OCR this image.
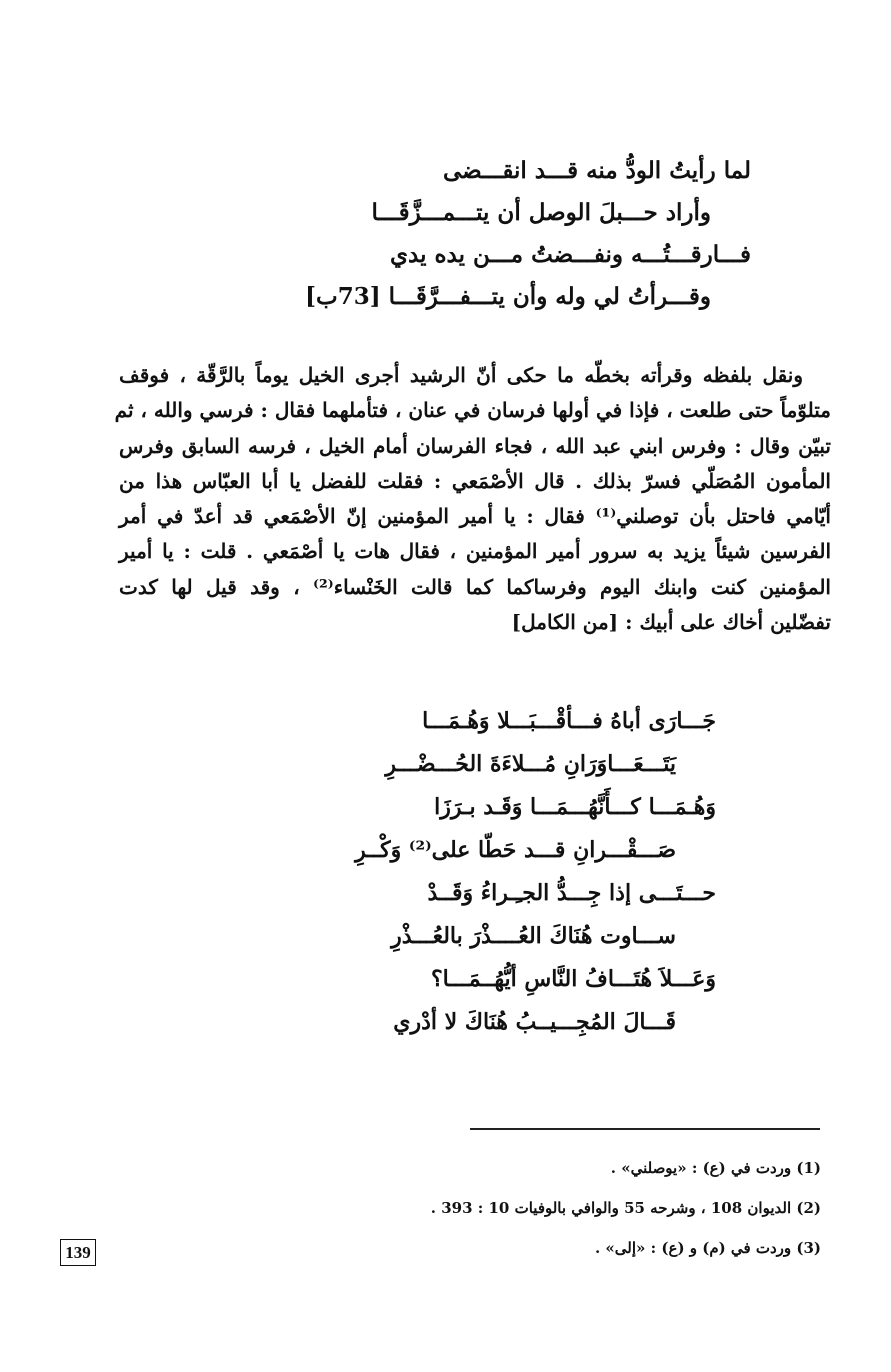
لما رأيتُ الودُّ منه قـــد انقـــضى
وأراد حـــبلَ الوصل أن يتـــمـــزَّقَـــا
فـــارقـــتُـــه ونفـــضتُ مـــن يده يدي
وقـــرأتُ لي وله وأن يتـــفـــرَّقَـــا [73ب]
ونقل بلفظه وقرأته بخطّه ما حكى أنّ الرشيد أجرى الخيل يوماً بالرَّقّة ، فوقف
متلوّماً حتى طلعت ، فإذا في أولها فرسان في عنان ، فتأملهما فقال : فرسي والله ، ثم
تبيّن وقال : وفرس ابني عبد الله ، فجاء الفرسان أمام الخيل ، فرسه السابق وفرس
المأمون المُصَلّي فسرّ بذلك . قال الأصْمَعي : فقلت للفضل يا أبا العبّاس هذا من
أيّامي فاحتل بأن توصلني⁽¹⁾ فقال : يا أمير المؤمنين إنّ الأصْمَعي قد أعدّ في أمر
الفرسين شيئاً يزيد به سرور أمير المؤمنين ، فقال هات يا أصْمَعي . قلت : يا أمير
المؤمنين كنت وابنك اليوم وفرساكما كما قالت الخَنْساء⁽²⁾ ، وقد قيل لها كدت
تفضّلين أخاك على أبيك : [من الكامل]
جَـــارَى أباهُ فـــأقْـــبَـــلا وَهُـمَـــا
يَتَـــعَـــاوَرَانِ مُـــلاءَةَ الحُـــضْـــرِ
وَهُـمَـــا كـــأَنَّهُـــمَـــا وَقَـد بـرَزَا
صَـــقْـــرانِ قـــد حَطّا على⁽²⁾ وَكْــرِ
حـــتَـــى إذا جِـــدُّ الجـِـراءُ وَقَــدْ
ســـاوت هُنَاكَ العُــــذْرَ بالعُـــذْرِ
وَعَـــلاَ هُتَـــافُ النَّاسِ أيُّهُــمَـــا؟
قَـــالَ المُجِـــيــبُ هُنَاكَ لا أدْري
(1) وردت في (ع) : «يوصلني» .
(2) الديوان 108 ، وشرحه 55 والوافي بالوفيات 10 : 393 .
(3) وردت في (م) و (ع) : «إلى» .
139
